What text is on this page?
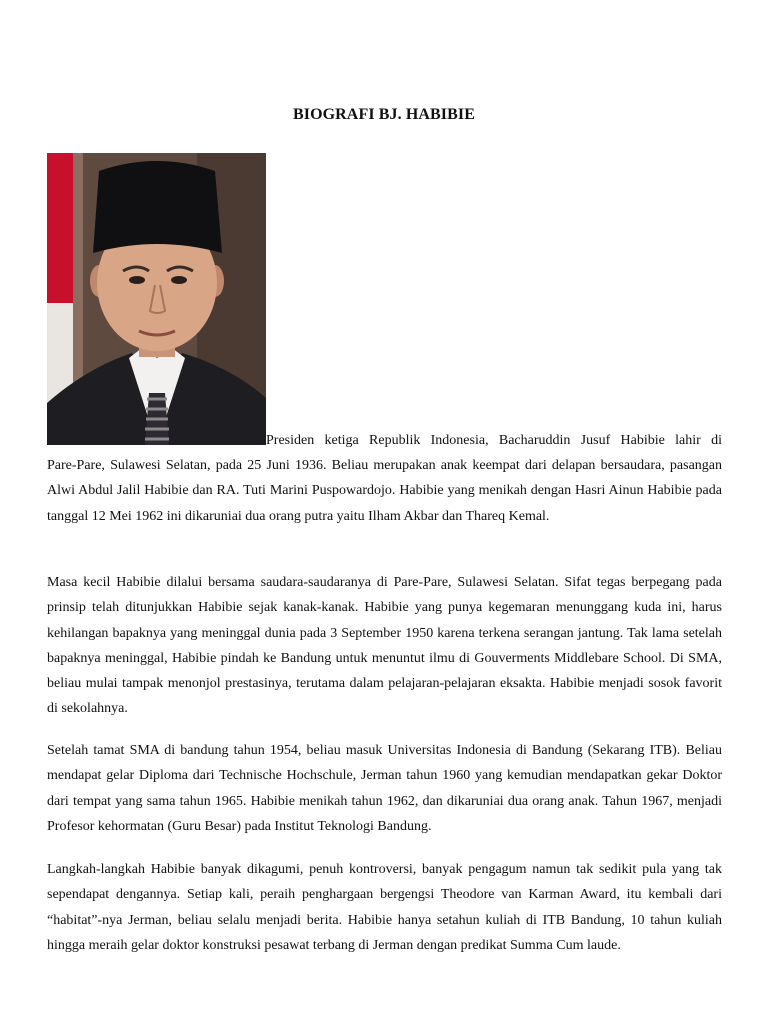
BIOGRAFI BJ. HABIBIE

Presiden ketiga Republik Indonesia, Bacharuddin Jusuf Habibie lahir di

Pare-Pare, Sulawesi Selatan, pada 25 Juni 1936. Beliau merupakan anak keempat dari delapan bersaudara, pasangan Alwi Abdul Jalil Habibie dan RA. Tuti Marini Puspowardojo. Habibie yang menikah dengan Hasri Ainun Habibie pada tanggal 12 Mei 1962 ini dikaruniai dua orang putra yaitu Ilham Akbar dan Thareq Kemal.

Masa kecil Habibie dilalui bersama saudara-saudaranya di Pare-Pare, Sulawesi Selatan. Sifat tegas berpegang pada prinsip telah ditunjukkan Habibie sejak kanak-kanak. Habibie yang punya kegemaran menunggang kuda ini, harus kehilangan bapaknya yang meninggal dunia pada 3 September 1950 karena terkena serangan jantung. Tak lama setelah bapaknya meninggal, Habibie pindah ke Bandung untuk menuntut ilmu di Gouverments Middlebare School. Di SMA, beliau mulai tampak menonjol prestasinya, terutama dalam pelajaran-pelajaran eksakta. Habibie menjadi sosok favorit di sekolahnya.

Setelah tamat SMA di bandung tahun 1954, beliau masuk Universitas Indonesia di Bandung (Sekarang ITB). Beliau mendapat gelar Diploma dari Technische Hochschule, Jerman tahun 1960 yang kemudian mendapatkan gekar Doktor dari tempat yang sama tahun 1965. Habibie menikah tahun 1962, dan dikaruniai dua orang anak. Tahun 1967, menjadi Profesor kehormatan (Guru Besar) pada Institut Teknologi Bandung.

Langkah-langkah Habibie banyak dikagumi, penuh kontroversi, banyak pengagum namun tak sedikit pula yang tak sependapat dengannya. Setiap kali, peraih penghargaan bergengsi Theodore van Karman Award, itu kembali dari “habitat”-nya Jerman, beliau selalu menjadi berita. Habibie hanya setahun kuliah di ITB Bandung, 10 tahun kuliah hingga meraih gelar doktor konstruksi pesawat terbang di Jerman dengan predikat Summa Cum laude.
